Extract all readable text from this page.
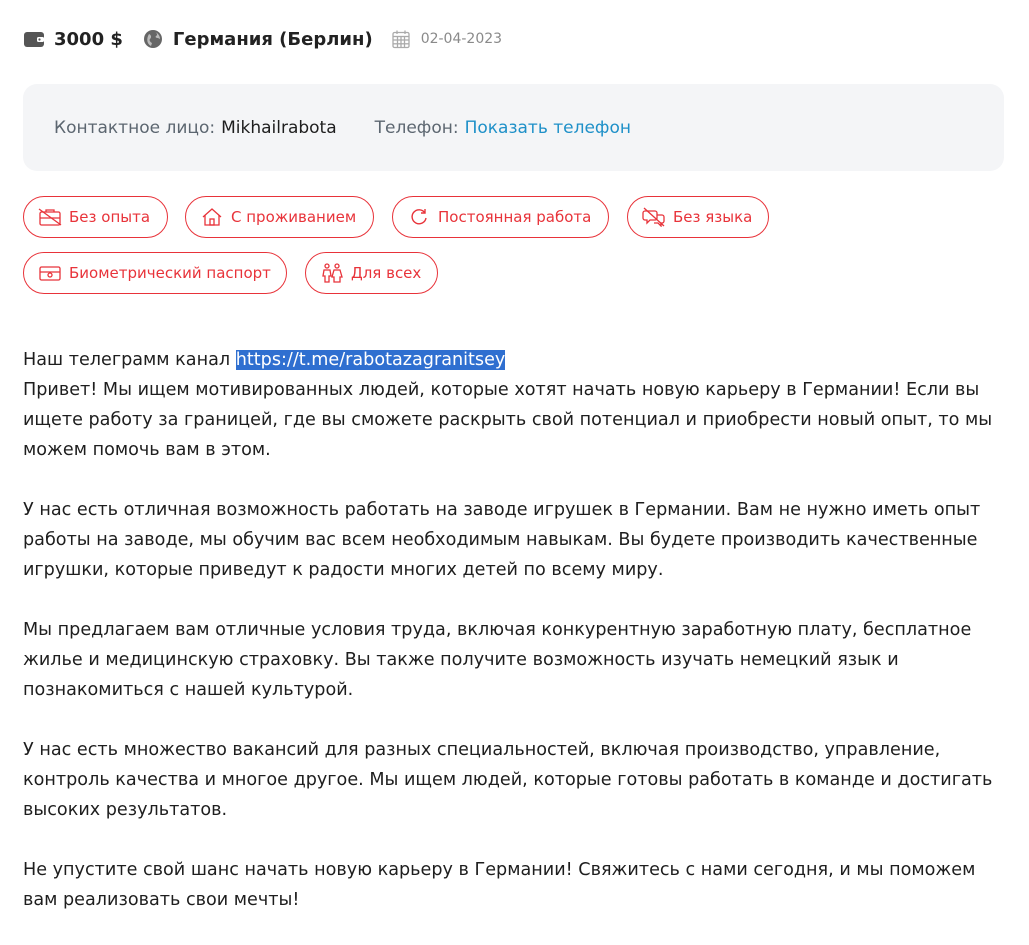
3000 $	Германия (Берлин)	02-04-2023
Контактное лицо: Mikhailrabota Телефон: Показать телефон
Без опыта	С проживанием	Постоянная работа	Без языка
Биометрический паспорт	Для всех
Наш телеграмм канал https://t.me/rabotazagranitsey

Привет! Мы ищем мотивированных людей, которые хотят начать новую карьеру в Германии! Если вы ищете работу за границей, где вы сможете раскрыть свой потенциал и приобрести новый опыт, то мы можем помочь вам в этом.

У нас есть отличная возможность работать на заводе игрушек в Германии. Вам не нужно иметь опыт работы на заводе, мы обучим вас всем необходимым навыкам. Вы будете производить качественные игрушки, которые приведут к радости многих детей по всему миру.

Мы предлагаем вам отличные условия труда, включая конкурентную заработную плату, бесплатное жилье и медицинскую страховку. Вы также получите возможность изучать немецкий язык и познакомиться с нашей культурой.

У нас есть множество вакансий для разных специальностей, включая производство, управление, контроль качества и многое другое. Мы ищем людей, которые готовы работать в команде и достигать высоких результатов.

Не упустите свой шанс начать новую карьеру в Германии! Свяжитесь с нами сегодня, и мы поможем вам реализовать свои мечты!
